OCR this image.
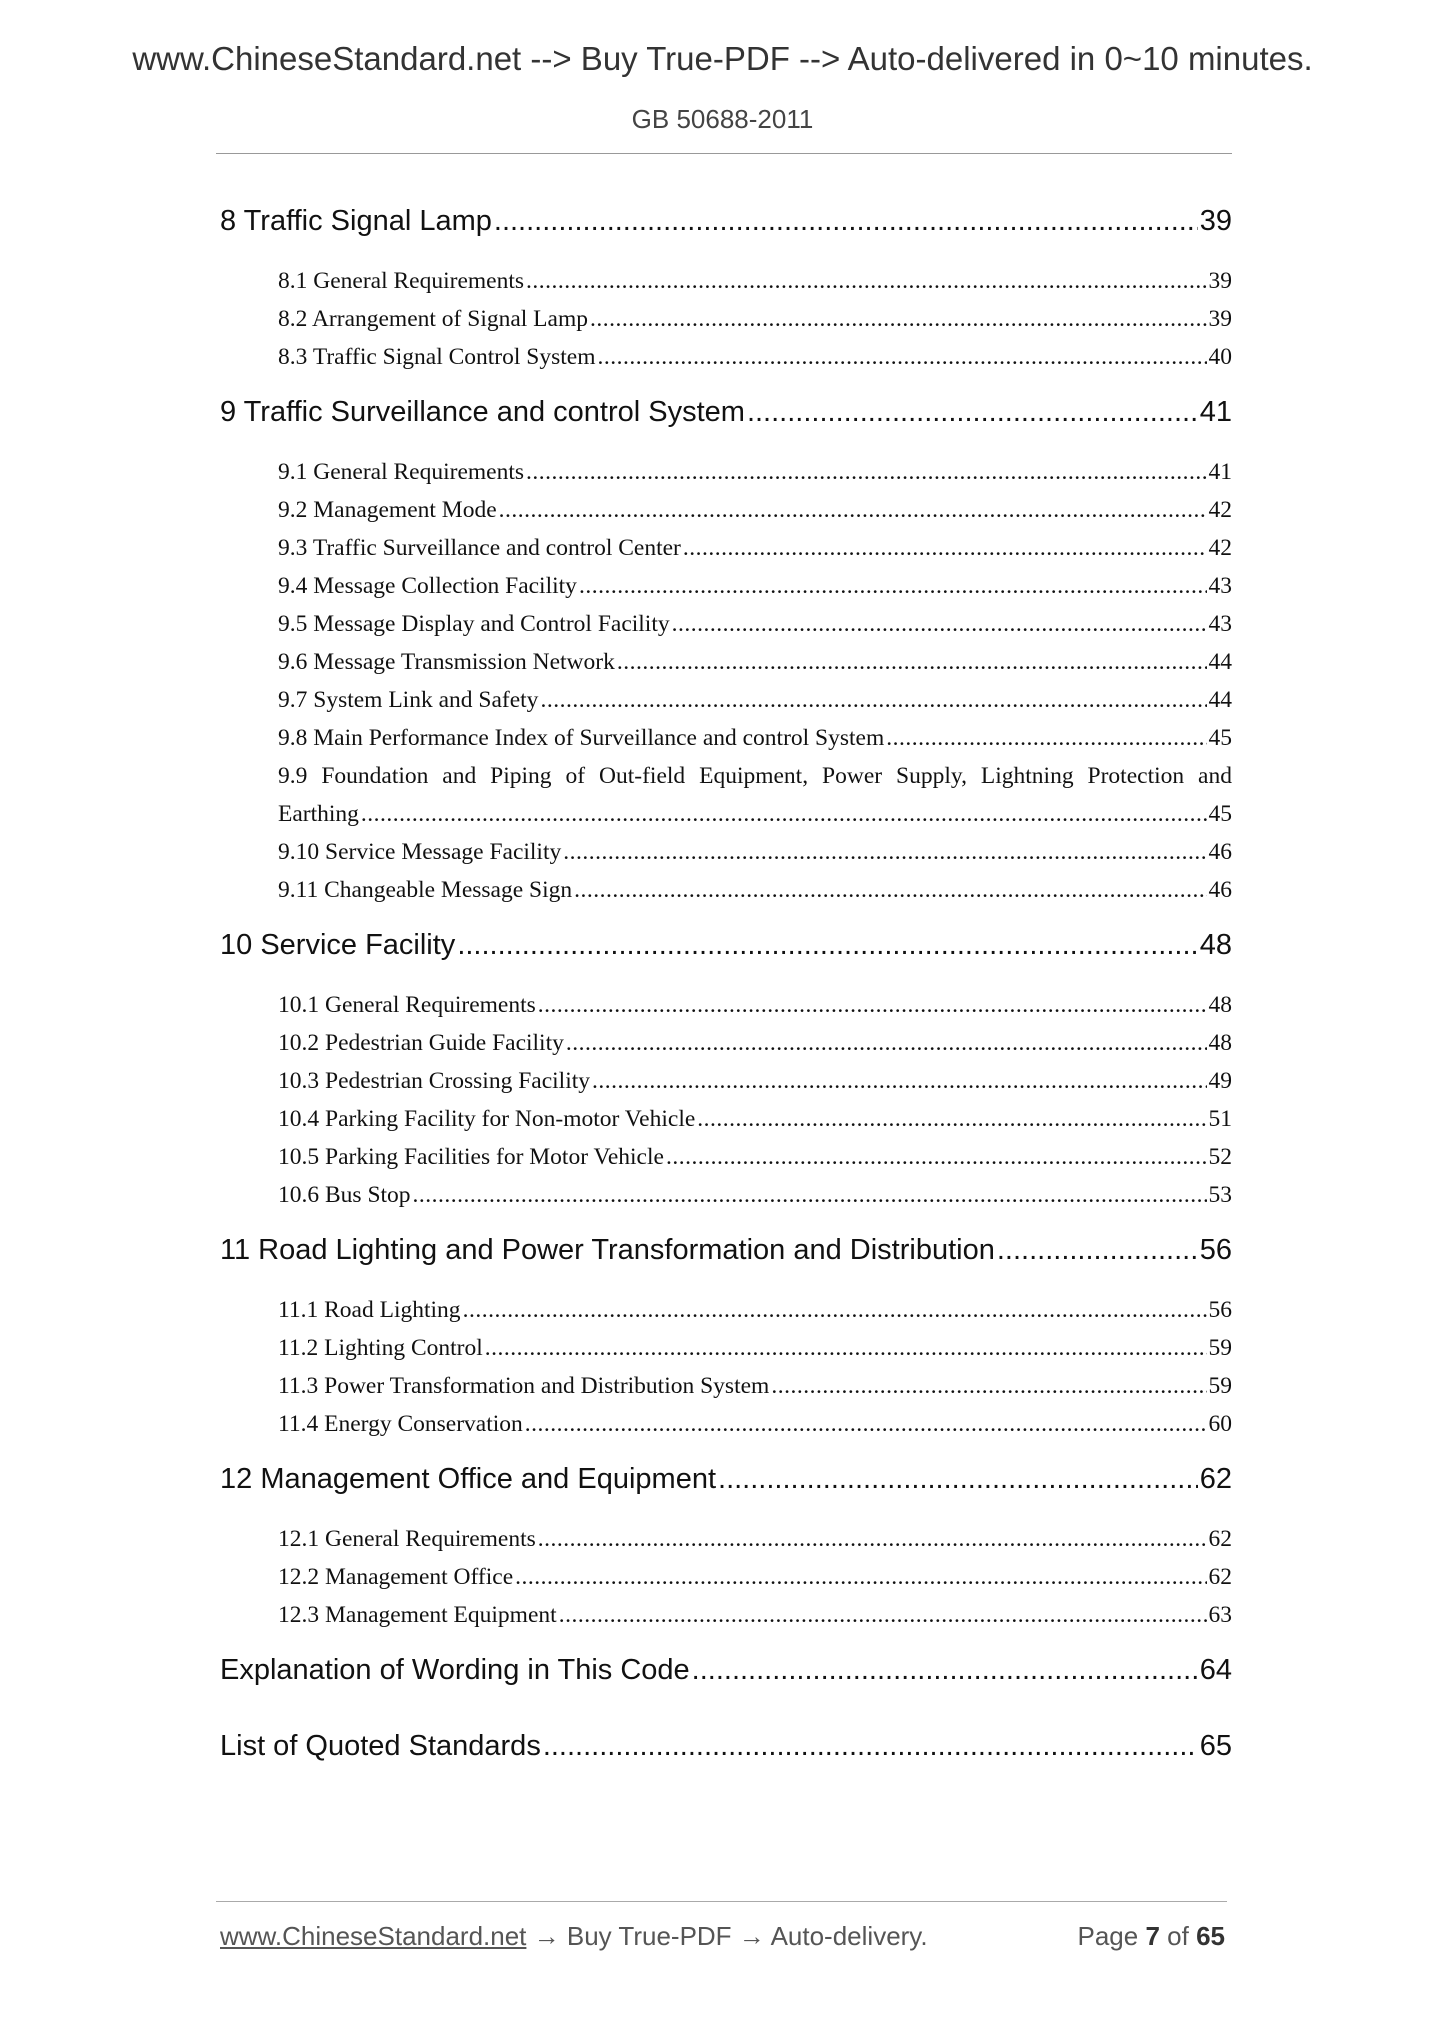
www.ChineseStandard.net --> Buy True-PDF --> Auto-delivered in 0~10 minutes.
GB 50688-2011
8 Traffic Signal Lamp .....	39
8.1 General Requirements .....	39
8.2 Arrangement of Signal Lamp .....	39
8.3 Traffic Signal Control System .....	40
9 Traffic Surveillance and control System .....	41
9.1 General Requirements .....	41
9.2 Management Mode .....	42
9.3 Traffic Surveillance and control Center .....	42
9.4 Message Collection Facility .....	43
9.5 Message Display and Control Facility .....	43
9.6 Message Transmission Network .....	44
9.7 System Link and Safety .....	44
9.8 Main Performance Index of Surveillance and control System .....	45
9.9 Foundation and Piping of Out-field Equipment, Power Supply, Lightning Protection and
Earthing .....	45
9.10 Service Message Facility .....	46
9.11 Changeable Message Sign .....	46
10 Service Facility .....	48
10.1 General Requirements .....	48
10.2 Pedestrian Guide Facility .....	48
10.3 Pedestrian Crossing Facility .....	49
10.4 Parking Facility for Non-motor Vehicle .....	51
10.5 Parking Facilities for Motor Vehicle .....	52
10.6 Bus Stop .....	53
11 Road Lighting and Power Transformation and Distribution .....	56
11.1 Road Lighting .....	56
11.2 Lighting Control .....	59
11.3 Power Transformation and Distribution System .....	59
11.4 Energy Conservation .....	60
12 Management Office and Equipment .....	62
12.1 General Requirements .....	62
12.2 Management Office .....	62
12.3 Management Equipment .....	63
Explanation of Wording in This Code .....	64
List of Quoted Standards .....	65
www.ChineseStandard.net → Buy True-PDF → Auto-delivery.	Page 7 of 65
